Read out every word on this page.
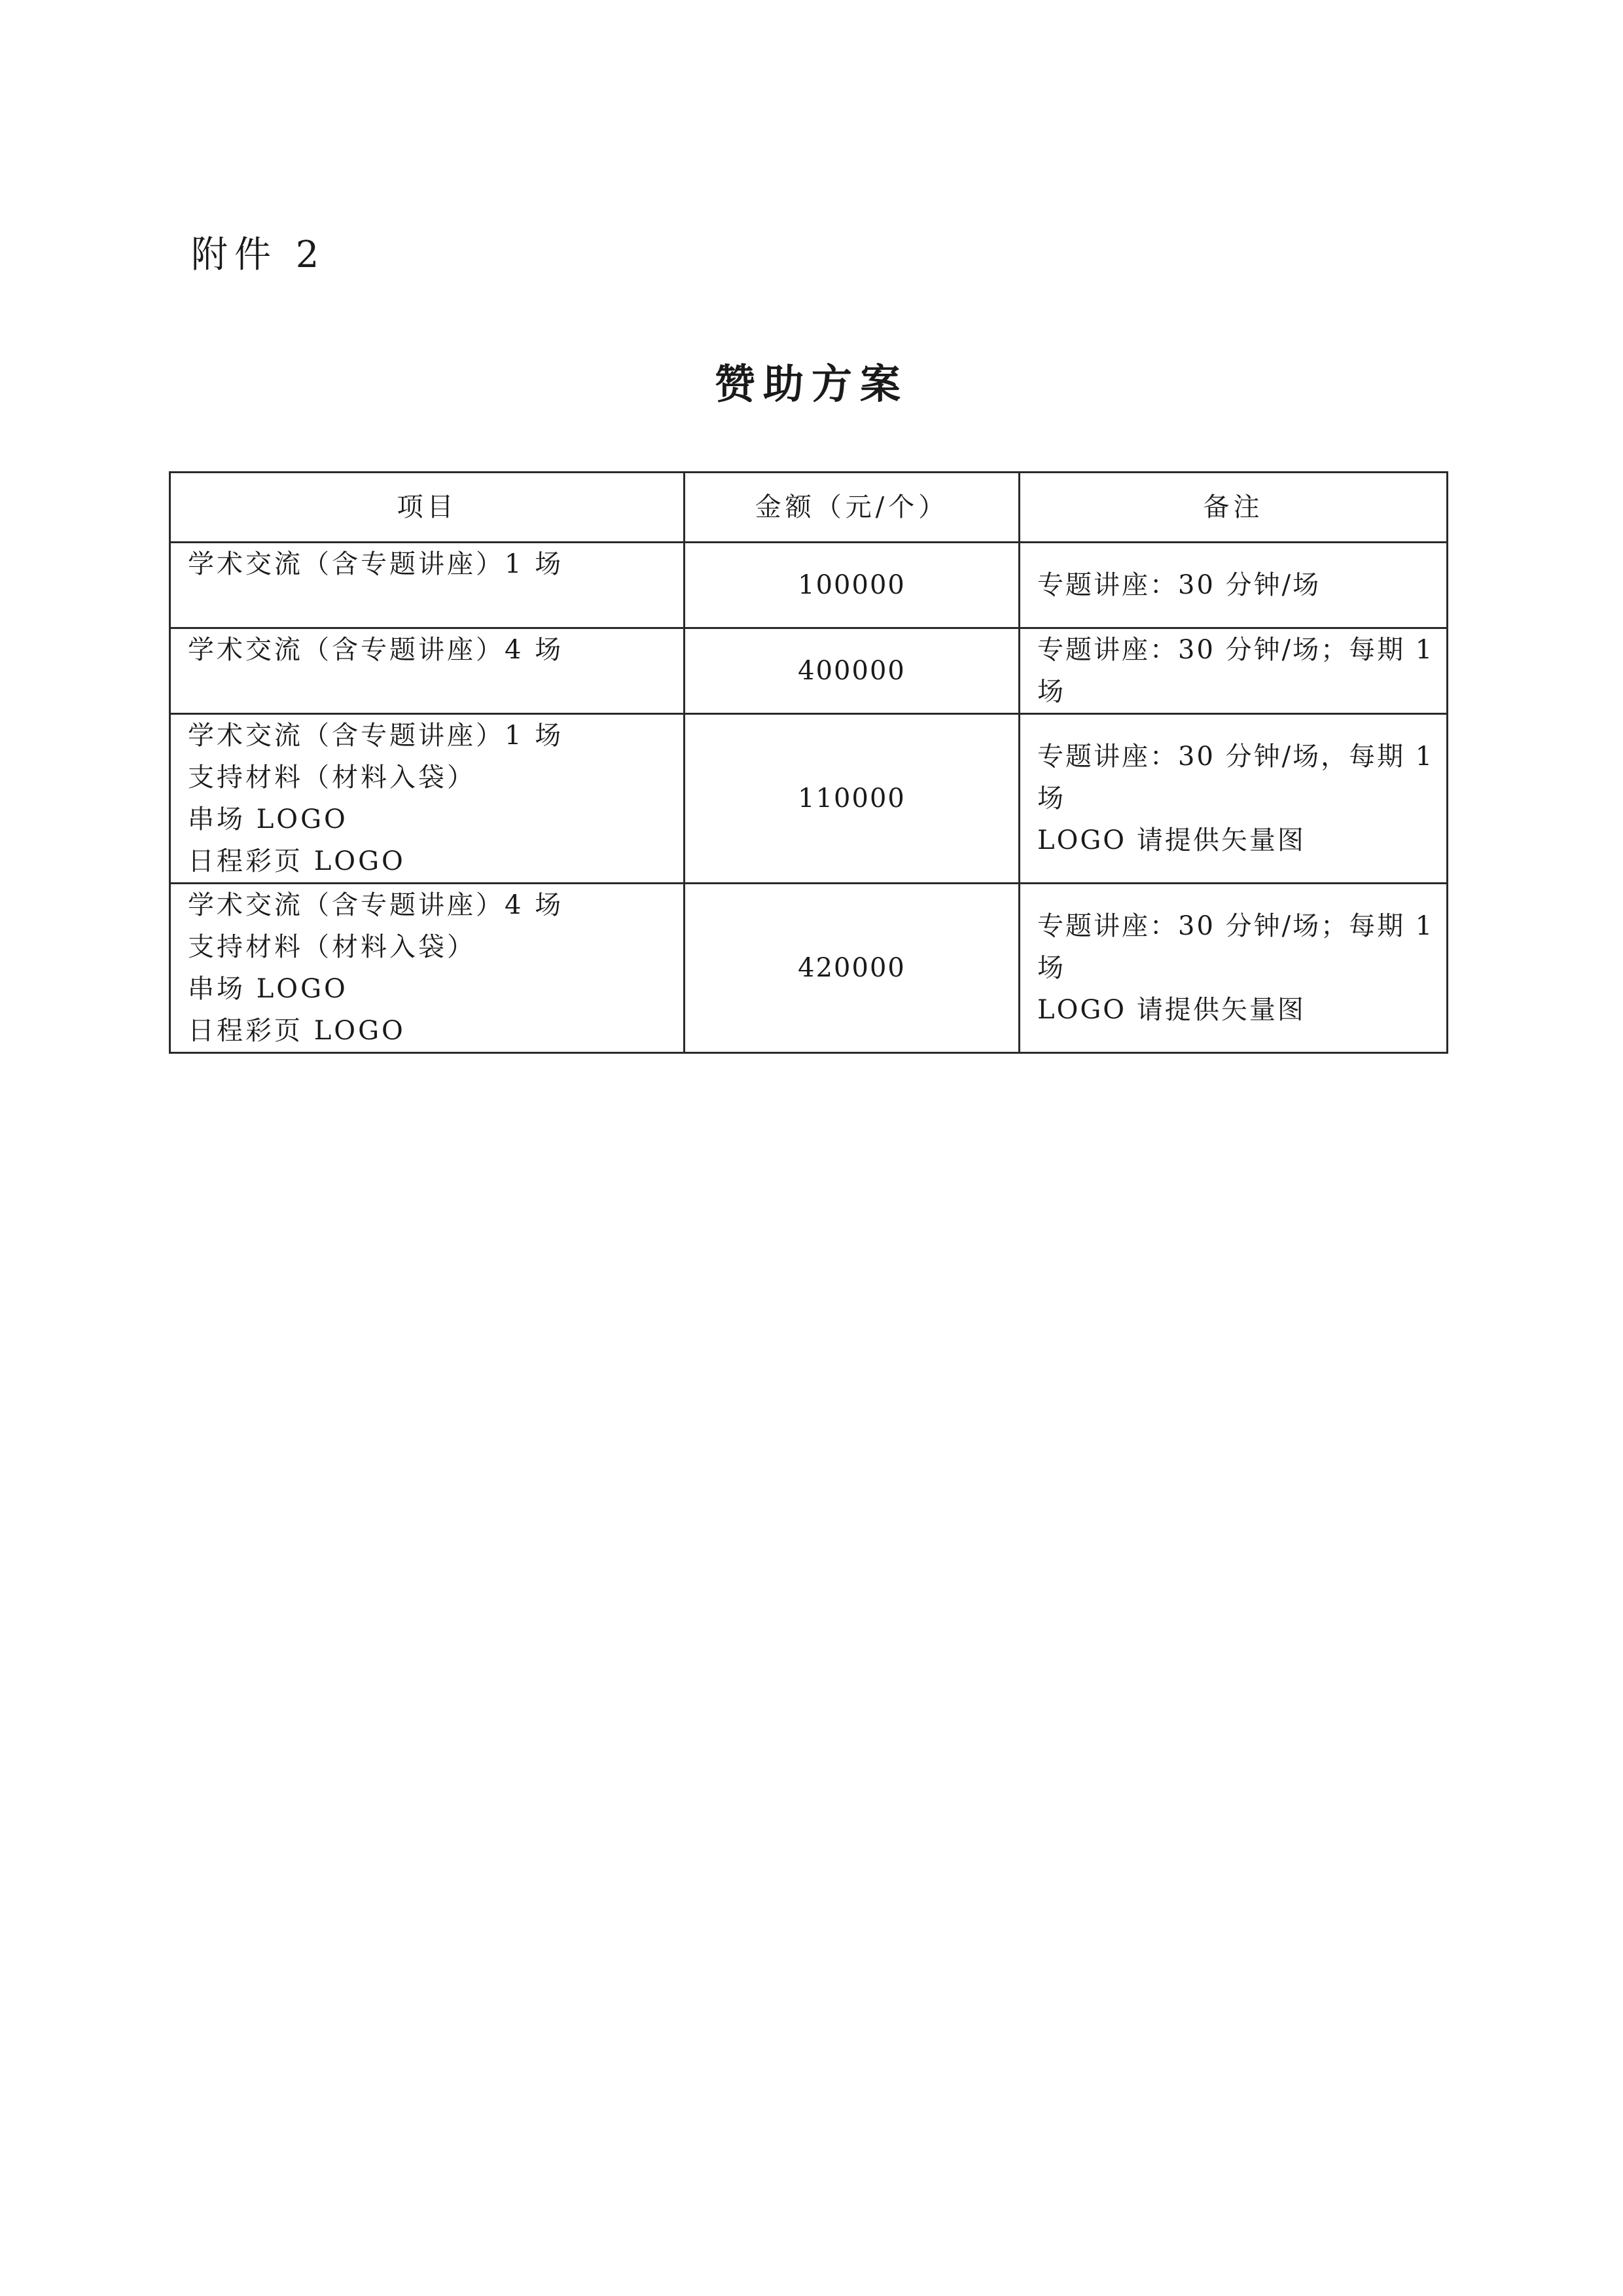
附件 2
赞助方案
项目	金额（元/个）	备注

学术交流（含专题讲座）1 场	100000	专题讲座：30 分钟/场

学术交流（含专题讲座）4 场	400000	专题讲座：30 分钟/场；每期 1
场

学术交流（含专题讲座）1 场
支持材料（材料入袋）
串场 LOGO
日程彩页 LOGO	110000	专题讲座：30 分钟/场，每期 1
场
LOGO 请提供矢量图

学术交流（含专题讲座）4 场
支持材料（材料入袋）
串场 LOGO
日程彩页 LOGO	420000	专题讲座：30 分钟/场；每期 1
场
LOGO 请提供矢量图
